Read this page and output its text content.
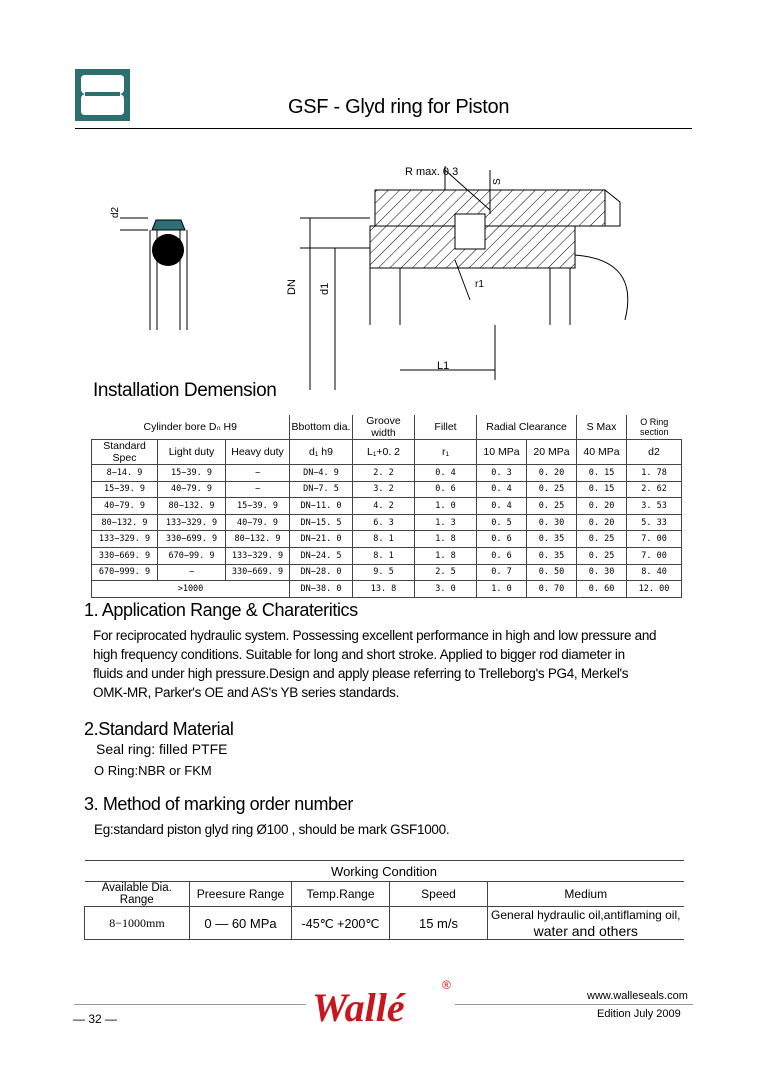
GSF - Glyd ring for Piston
d2
R max. 0.3
S
DN d1	r1
L1
Installation Demension
Cylinder bore Dₙ H9			Bbottom dia.	Groove width	Fillet	Radial Clearance		S Max	O Ring section
Standard Spec	Light duty	Heavy duty	d₁ h9	L₁+0. 2	r₁	10 MPa	20 MPa	40 MPa	d2
8−14. 9	15−39. 9	−	DN−4. 9	2. 2	0. 4	0. 3	0. 20	0. 15	1. 78
15−39. 9	40−79. 9	−	DN−7. 5	3. 2	0. 6	0. 4	0. 25	0. 15	2. 62
40−79. 9	80−132. 9	15−39. 9	DN−11. 0	4. 2	1. 0	0. 4	0. 25	0. 20	3. 53
80−132. 9	133−329. 9	40−79. 9	DN−15. 5	6. 3	1. 3	0. 5	0. 30	0. 20	5. 33
133−329. 9	330−699. 9	80−132. 9	DN−21. 0	8. 1	1. 8	0. 6	0. 35	0. 25	7. 00
330−669. 9	670−99. 9	133−329. 9	DN−24. 5	8. 1	1. 8	0. 6	0. 35	0. 25	7. 00
670−999. 9	−	330−669. 9	DN−28. 0	9. 5	2. 5	0. 7	0. 50	0. 30	8. 40
>1000			DN−38. 0	13. 8	3. 0	1. 0	0. 70	0. 60	12. 00
1. Application Range & Charateritics
For reciprocated hydraulic system. Possessing excellent performance in high and low pressure and
high frequency conditions. Suitable for long and short stroke. Applied to bigger rod diameter in
fluids and under high pressure.Design and apply please referring to Trelleborg's PG4, Merkel's
OMK-MR, Parker's OE and AS's YB series standards.
2.Standard Material
Seal ring: filled PTFE
O Ring:NBR or FKM
3. Method of marking order number
Eg:standard piston glyd ring Ø100 , should be mark GSF1000.
Working Condition				
Available Dia. Range	Preesure Range	Temp.Range	Speed	Medium
8−1000mm	0 — 60 MPa	-45℃ +200℃	15 m/s	General hydraulic oil,antiflaming oil,
water and others
Wallé	®
www.walleseals.com
Edition July 2009
— 32 —
